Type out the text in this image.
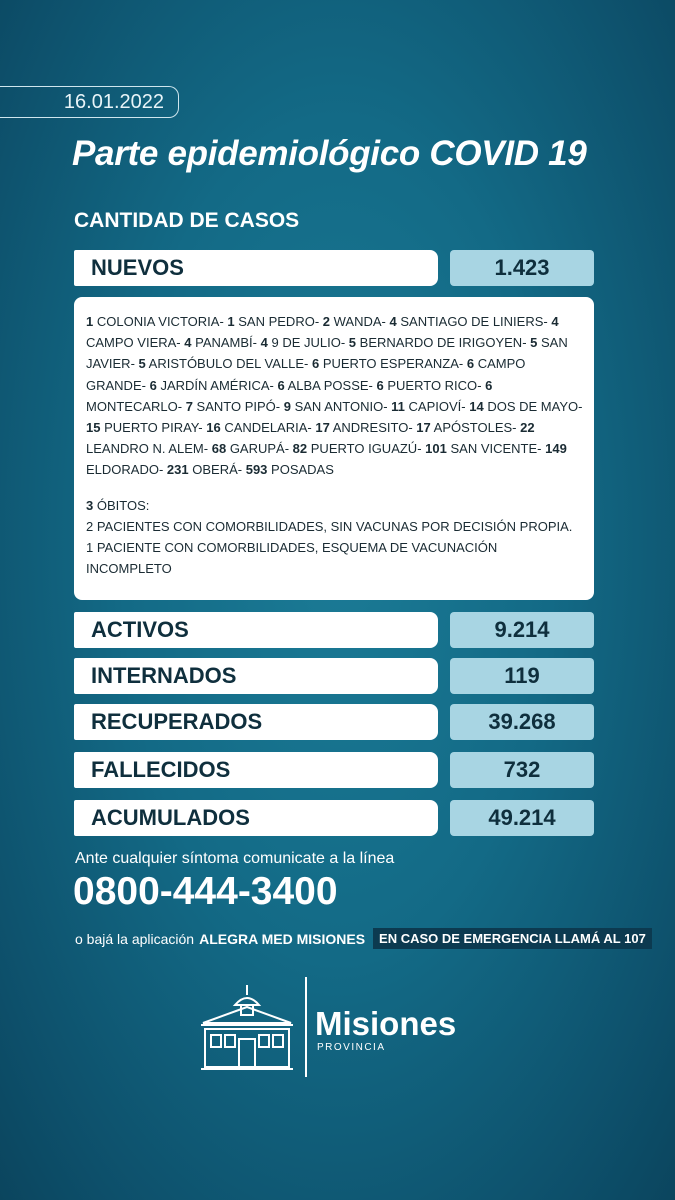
16.01.2022
Parte epidemiológico COVID 19
CANTIDAD DE CASOS
NUEVOS	1.423
1 COLONIA VICTORIA- 1 SAN PEDRO- 2 WANDA- 4 SANTIAGO DE LINIERS- 4 CAMPO VIERA- 4 PANAMBÍ- 4 9 DE JULIO- 5 BERNARDO DE IRIGOYEN- 5 SAN JAVIER- 5 ARISTÓBULO DEL VALLE- 6 PUERTO ESPERANZA- 6 CAMPO GRANDE- 6 JARDÍN AMÉRICA- 6 ALBA POSSE- 6 PUERTO RICO- 6 MONTECARLO- 7 SANTO PIPÓ- 9 SAN ANTONIO- 11 CAPIOVÍ- 14 DOS DE MAYO- 15 PUERTO PIRAY- 16 CANDELARIA- 17 ANDRESITO- 17 APÓSTOLES- 22 LEANDRO N. ALEM- 68 GARUPÁ- 82 PUERTO IGUAZÚ- 101 SAN VICENTE- 149 ELDORADO- 231 OBERÁ- 593 POSADAS
3 ÓBITOS:
2 PACIENTES CON COMORBILIDADES, SIN VACUNAS POR DECISIÓN PROPIA.
1 PACIENTE CON COMORBILIDADES, ESQUEMA DE VACUNACIÓN INCOMPLETO
ACTIVOS	9.214
INTERNADOS	119
RECUPERADOS	39.268
FALLECIDOS	732
ACUMULADOS	49.214
Ante cualquier síntoma comunicate a la línea
0800-444-3400
o bajá la aplicación ALEGRA MED MISIONES	EN CASO DE EMERGENCIA LLAMÁ AL 107
Misiones
PROVINCIA
